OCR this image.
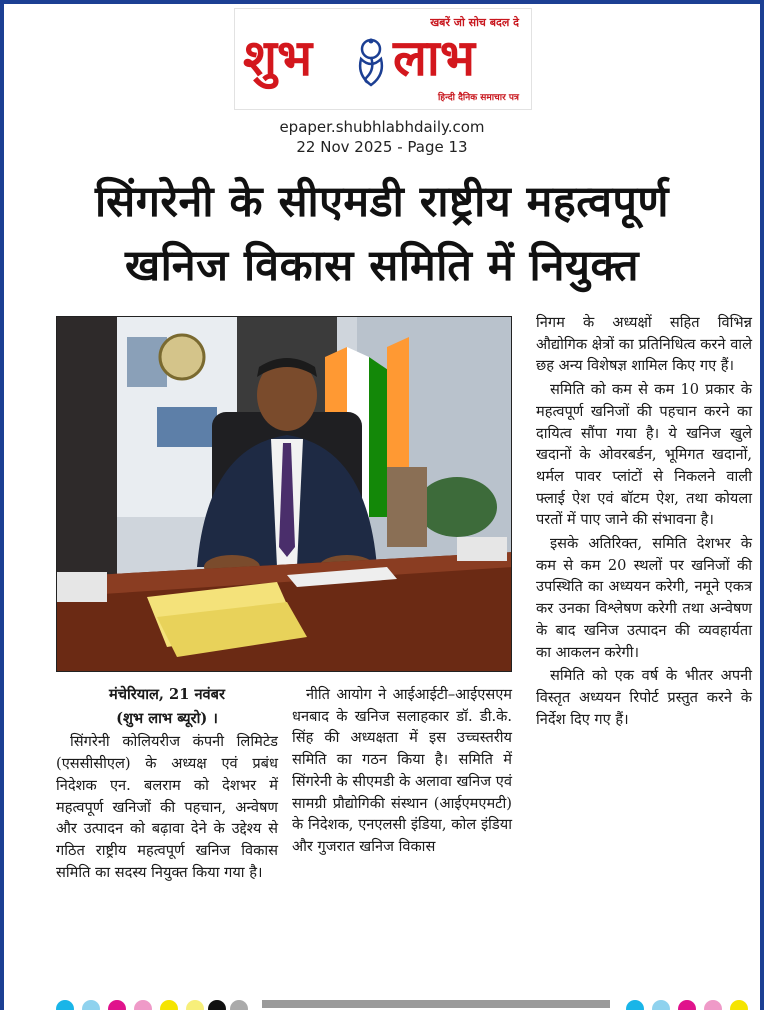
खबरें जो सोच बदल दे
शुभ लाभ
हिन्दी दैनिक समाचार पत्र
epaper.shubhlabhdaily.com
22 Nov 2025 - Page 13
सिंगरेनी के सीएमडी राष्ट्रीय महत्वपूर्ण
खनिज विकास समिति में नियुक्त

मंचेरियाल, 21 नवंबर

(शुभ लाभ ब्यूरो) ।

सिंगरेनी कोलियरीज कंपनी लिमिटेड (एससीसीएल) के अध्यक्ष एवं प्रबंध निदेशक एन. बलराम को देशभर में महत्वपूर्ण खनिजों की पहचान, अन्वेषण और उत्पादन को बढ़ावा देने के उद्देश्य से गठित राष्ट्रीय महत्वपूर्ण खनिज विकास समिति का सदस्य नियुक्त किया गया है।

नीति आयोग ने आईआईटी–आईएसएम धनबाद के खनिज सलाहकार डॉ. डी.के. सिंह की अध्यक्षता में इस उच्चस्तरीय समिति का गठन किया है। समिति में सिंगरेनी के सीएमडी के अलावा खनिज एवं सामग्री प्रौद्योगिकी संस्थान (आईएमएमटी) के निदेशक, एनएलसी इंडिया, कोल इंडिया और गुजरात खनिज विकास

निगम के अध्यक्षों सहित विभिन्न औद्योगिक क्षेत्रों का प्रतिनिधित्व करने वाले छह अन्य विशेषज्ञ शामिल किए गए हैं।

समिति को कम से कम 10 प्रकार के महत्वपूर्ण खनिजों की पहचान करने का दायित्व सौंपा गया है। ये खनिज खुले खदानों के ओवरबर्डन, भूमिगत खदानों, थर्मल पावर प्लांटों से निकलने वाली फ्लाई ऐश एवं बॉटम ऐश, तथा कोयला परतों में पाए जाने की संभावना है।

इसके अतिरिक्त, समिति देशभर के कम से कम 20 स्थलों पर खनिजों की उपस्थिति का अध्ययन करेगी, नमूने एकत्र कर उनका विश्लेषण करेगी तथा अन्वेषण के बाद खनिज उत्पादन की व्यवहार्यता का आकलन करेगी।

समिति को एक वर्ष के भीतर अपनी विस्तृत अध्ययन रिपोर्ट प्रस्तुत करने के निर्देश दिए गए हैं।
